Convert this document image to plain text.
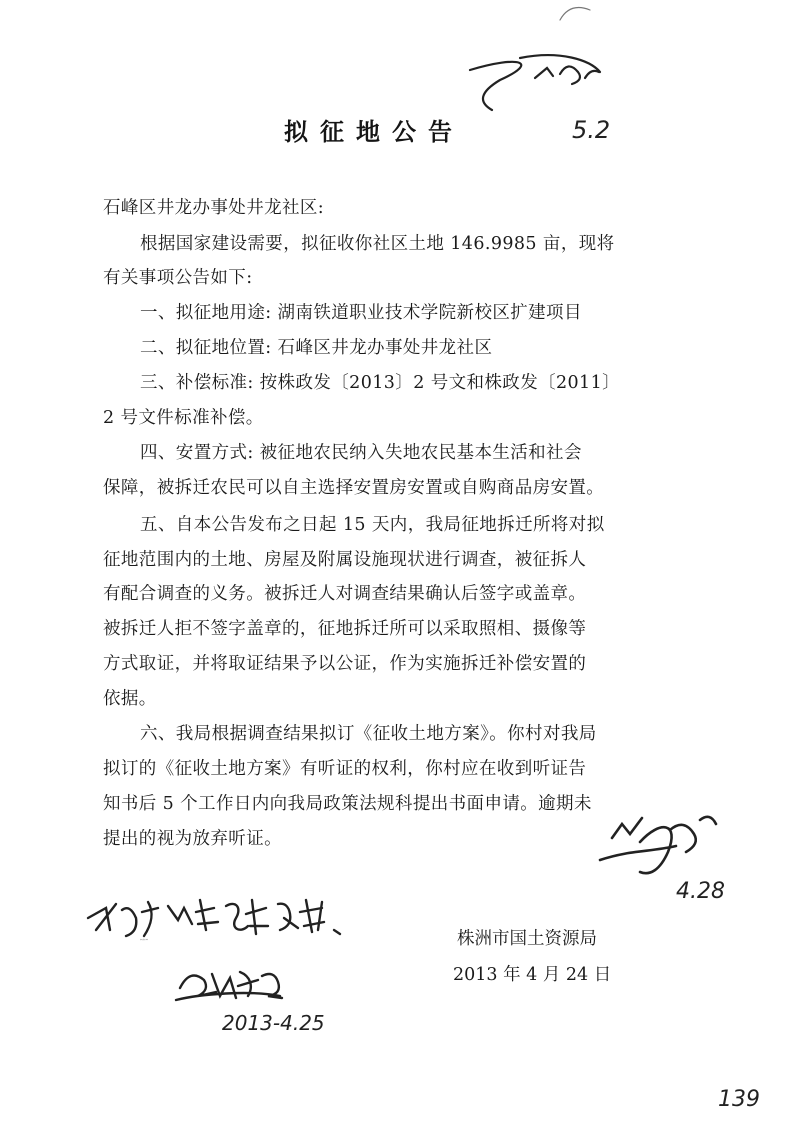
拟征地公告
石峰区井龙办事处井龙社区:
根据国家建设需要，拟征收你社区土地 146.9985 亩，现将
有关事项公告如下:
一、拟征地用途: 湖南铁道职业技术学院新校区扩建项目
二、拟征地位置: 石峰区井龙办事处井龙社区
三、补偿标准: 按株政发〔2013〕2 号文和株政发〔2011〕
2 号文件标准补偿。
四、安置方式: 被征地农民纳入失地农民基本生活和社会
保障，被拆迁农民可以自主选择安置房安置或自购商品房安置。
五、自本公告发布之日起 15 天内，我局征地拆迁所将对拟
征地范围内的土地、房屋及附属设施现状进行调查，被征拆人
有配合调查的义务。被拆迁人对调查结果确认后签字或盖章。
被拆迁人拒不签字盖章的，征地拆迁所可以采取照相、摄像等
方式取证，并将取证结果予以公证，作为实施拆迁补偿安置的
依据。
六、我局根据调查结果拟订《征收土地方案》。你村对我局
拟订的《征收土地方案》有听证的权利，你村应在收到听证告
知书后 5 个工作日内向我局政策法规科提出书面申请。逾期未
提出的视为放弃听证。
株洲市国土资源局
2013 年 4 月 24 日
5.2
4.28
拟同意报领导审批
2013-4.25
139
